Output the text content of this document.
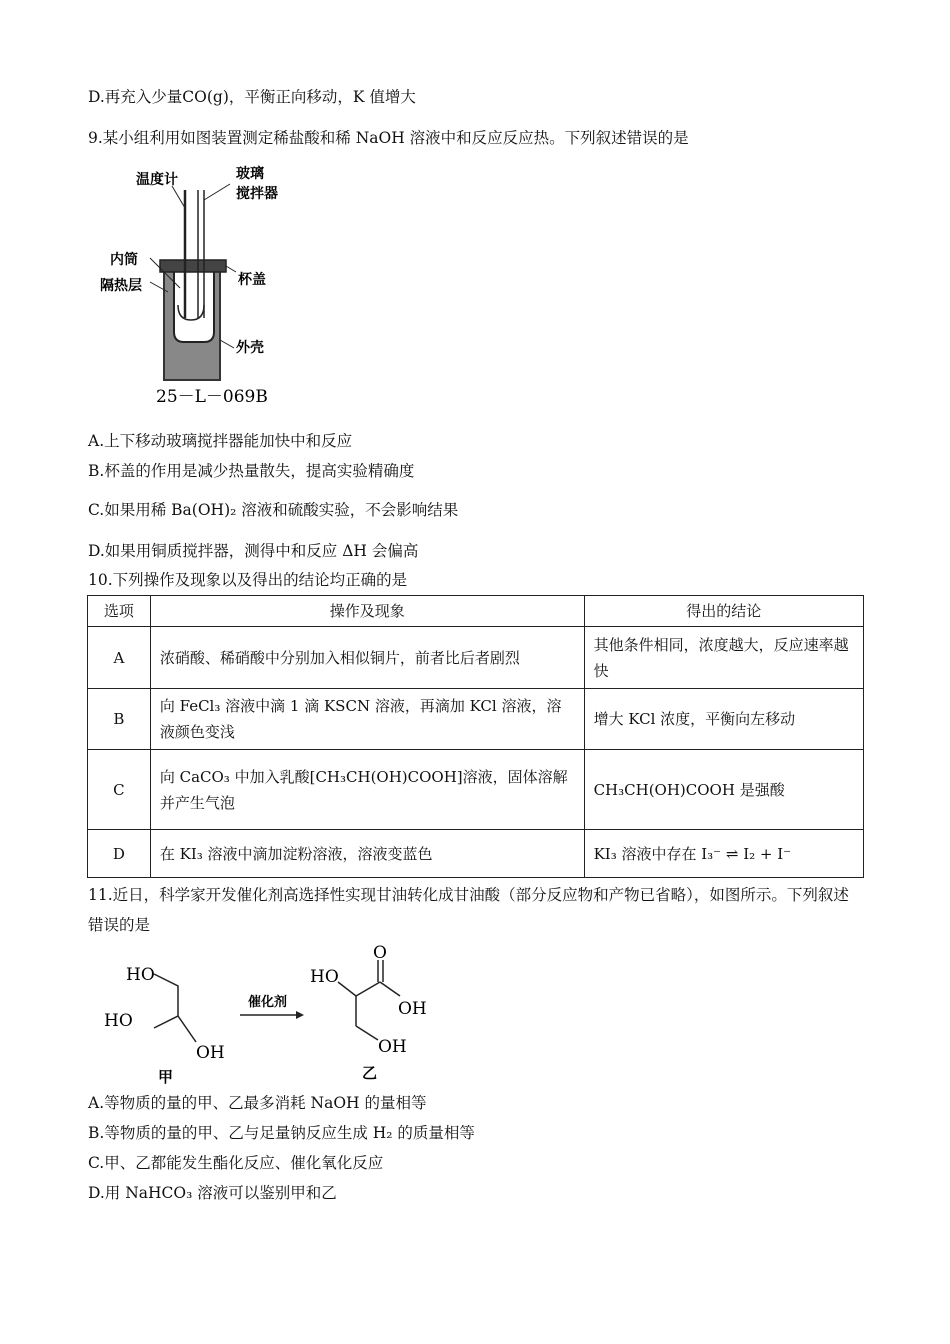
D.再充入少量CO(g)，平衡正向移动，K 值增大
9.某小组利用如图装置测定稀盐酸和稀 NaOH 溶液中和反应反应热。下列叙述错误的是
温度计	玻璃
搅拌器
内筒
隔热层	杯盖
外壳
25－L－069B
A.上下移动玻璃搅拌器能加快中和反应
B.杯盖的作用是减少热量散失，提高实验精确度
C.如果用稀 Ba(OH)₂ 溶液和硫酸实验，不会影响结果
D.如果用铜质搅拌器，测得中和反应 ΔH 会偏高
10.下列操作及现象以及得出的结论均正确的是
选项	操作及现象	得出的结论
A	浓硝酸、稀硝酸中分别加入相似铜片，前者比后者剧烈	其他条件相同，浓度越大，反应速率越快
B	向 FeCl₃ 溶液中滴 1 滴 KSCN 溶液，再滴加 KCl 溶液，溶液颜色变浅	增大 KCl 浓度，平衡向左移动
C	向 CaCO₃ 中加入乳酸[CH₃CH(OH)COOH]溶液，固体溶解并产生气泡	CH₃CH(OH)COOH 是强酸
D	在 KI₃ 溶液中滴加淀粉溶液，溶液变蓝色	KI₃ 溶液中存在 I₃⁻ ⇌ I₂ + I⁻
11.近日，科学家开发催化剂高选择性实现甘油转化成甘油酸（部分反应物和产物已省略），如图所示。下列叙述错误的是
HO
HO
OH
甲
催化剂
HO
O
OH
OH
乙
A.等物质的量的甲、乙最多消耗 NaOH 的量相等
B.等物质的量的甲、乙与足量钠反应生成 H₂ 的质量相等
C.甲、乙都能发生酯化反应、催化氧化反应
D.用 NaHCO₃ 溶液可以鉴别甲和乙
